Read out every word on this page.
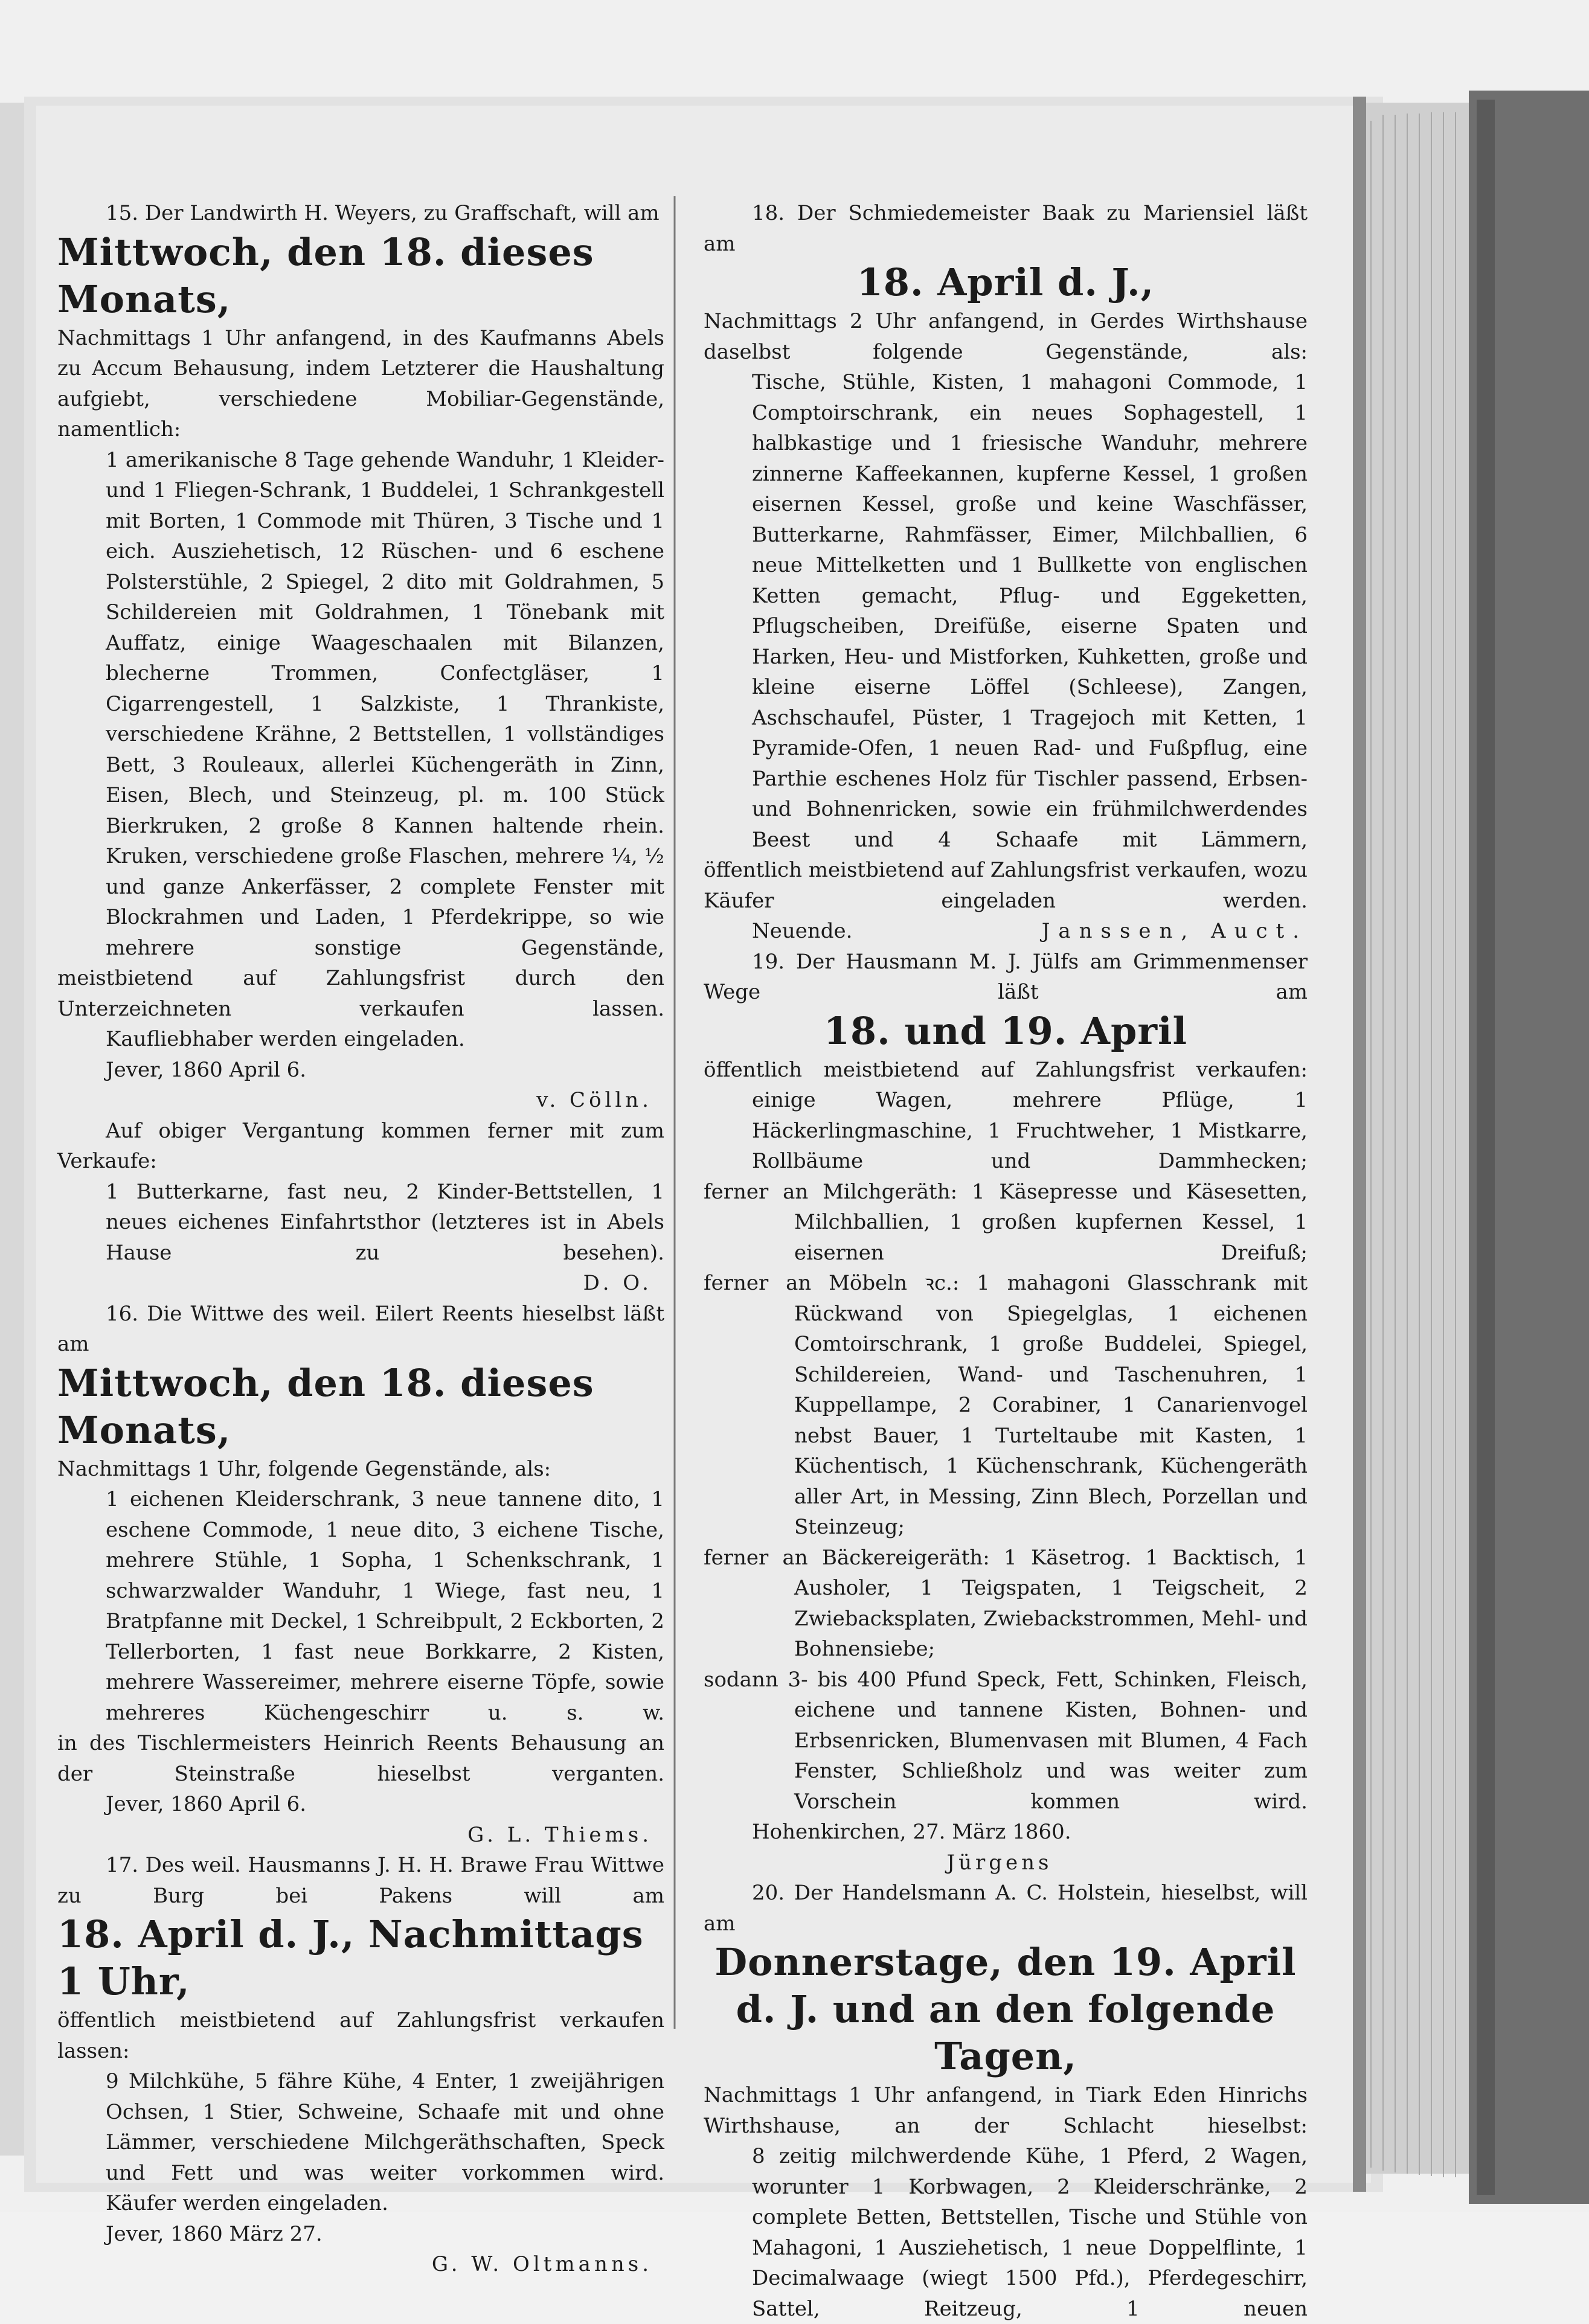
15. Der Landwirth H. Weyers, zu Graffschaft, will am

Mittwoch, den 18. dieses Monats,

Nachmittags 1 Uhr anfangend, in des Kaufmanns Abels zu Accum Behausung, indem Letzterer die Haushaltung aufgiebt, verschiedene Mobiliar-Gegenstände, namentlich:

1 amerikanische 8 Tage gehende Wanduhr, 1 Kleider- und 1 Fliegen-Schrank, 1 Buddelei, 1 Schrankgestell mit Borten, 1 Commode mit Thüren, 3 Tische und 1 eich. Ausziehetisch, 12 Rüschen- und 6 eschene Polsterstühle, 2 Spiegel, 2 dito mit Goldrahmen, 5 Schildereien mit Goldrahmen, 1 Tönebank mit Auffatz, einige Waageschaalen mit Bilanzen, blecherne Trommen, Confectgläser, 1 Cigarrengestell, 1 Salzkiste, 1 Thrankiste, verschiedene Krähne, 2 Bettstellen, 1 vollständiges Bett, 3 Rouleaux, allerlei Küchengeräth in Zinn, Eisen, Blech, und Steinzeug, pl. m. 100 Stück Bierkruken, 2 große 8 Kannen haltende rhein. Kruken, verschiedene große Flaschen, mehrere ¼, ½ und ganze Ankerfässer, 2 complete Fenster mit Blockrahmen und Laden, 1 Pferdekrippe, so wie mehrere sonstige Gegenstände,

meistbietend auf Zahlungsfrist durch den Unterzeichneten verkaufen lassen.

Kaufliebhaber werden eingeladen.

Jever, 1860 April 6.

v. Cölln.

Auf obiger Vergantung kommen ferner mit zum Verkaufe:

1 Butterkarne, fast neu, 2 Kinder-Bettstellen, 1 neues eichenes Einfahrtsthor (letzteres ist in Abels Hause zu besehen).

D. O.

16. Die Wittwe des weil. Eilert Reents hieselbst läßt am

Mittwoch, den 18. dieses Monats,

Nachmittags 1 Uhr, folgende Gegenstände, als:

1 eichenen Kleiderschrank, 3 neue tannene dito, 1 eschene Commode, 1 neue dito, 3 eichene Tische, mehrere Stühle, 1 Sopha, 1 Schenkschrank, 1 schwarzwalder Wanduhr, 1 Wiege, fast neu, 1 Bratpfanne mit Deckel, 1 Schreibpult, 2 Eckborten, 2 Tellerborten, 1 fast neue Borkkarre, 2 Kisten, mehrere Wassereimer, mehrere eiserne Töpfe, sowie mehreres Küchengeschirr u. s. w.

in des Tischlermeisters Heinrich Reents Behausung an der Steinstraße hieselbst verganten.

Jever, 1860 April 6.

G. L. Thiems.

17. Des weil. Hausmanns J. H. H. Brawe Frau Wittwe zu Burg bei Pakens will am

18. April d. J., Nachmittags 1 Uhr,

öffentlich meistbietend auf Zahlungsfrist verkaufen lassen:

9 Milchkühe, 5 fähre Kühe, 4 Enter, 1 zweijährigen Ochsen, 1 Stier, Schweine, Schaafe mit und ohne Lämmer, verschiedene Milchgeräthschaften, Speck und Fett und was weiter vorkommen wird.

Käufer werden eingeladen.

Jever, 1860 März 27.

G. W. Oltmanns.

18. Der Schmiedemeister Baak zu Mariensiel läßt am

18. April d. J.,

Nachmittags 2 Uhr anfangend, in Gerdes Wirthshause daselbst folgende Gegenstände, als:

Tische, Stühle, Kisten, 1 mahagoni Commode, 1 Comptoirschrank, ein neues Sophagestell, 1 halbkastige und 1 friesische Wanduhr, mehrere zinnerne Kaffeekannen, kupferne Kessel, 1 großen eisernen Kessel, große und keine Waschfässer, Butterkarne, Rahmfässer, Eimer, Milchballien, 6 neue Mittelketten und 1 Bullkette von englischen Ketten gemacht, Pflug- und Eggeketten, Pflugscheiben, Dreifüße, eiserne Spaten und Harken, Heu- und Mistforken, Kuhketten, große und kleine eiserne Löffel (Schleese), Zangen, Aschschaufel, Püster, 1 Tragejoch mit Ketten, 1 Pyramide-Ofen, 1 neuen Rad- und Fußpflug, eine Parthie eschenes Holz für Tischler passend, Erbsen- und Bohnenricken, sowie ein frühmilchwerdendes Beest und 4 Schaafe mit Lämmern,

öffentlich meistbietend auf Zahlungsfrist verkaufen, wozu Käufer eingeladen werden.

Neuende.	Janssen, Auct.

19. Der Hausmann M. J. Jülfs am Grimmenmenser Wege läßt am

18. und 19. April

öffentlich meistbietend auf Zahlungsfrist verkaufen:

einige Wagen, mehrere Pflüge, 1 Häckerlingmaschine, 1 Fruchtweher, 1 Mistkarre, Rollbäume und Dammhecken;

ferner an Milchgeräth: 1 Käsepresse und Käsesetten, Milchballien, 1 großen kupfernen Kessel, 1 eisernen Dreifuß;

ferner an Möbeln ꝛc.: 1 mahagoni Glasschrank mit Rückwand von Spiegelglas, 1 eichenen Comtoirschrank, 1 große Buddelei, Spiegel, Schildereien, Wand- und Taschenuhren, 1 Kuppellampe, 2 Corabiner, 1 Canarienvogel nebst Bauer, 1 Turteltaube mit Kasten, 1 Küchentisch, 1 Küchenschrank, Küchengeräth aller Art, in Messing, Zinn Blech, Porzellan und Steinzeug;

ferner an Bäckereigeräth: 1 Käsetrog. 1 Backtisch, 1 Ausholer, 1 Teigspaten, 1 Teigscheit, 2 Zwiebacksplaten, Zwiebackstrommen, Mehl- und Bohnensiebe;

sodann 3- bis 400 Pfund Speck, Fett, Schinken, Fleisch, eichene und tannene Kisten, Bohnen- und Erbsenricken, Blumenvasen mit Blumen, 4 Fach Fenster, Schließholz und was weiter zum Vorschein kommen wird.

Hohenkirchen, 27. März 1860.

Jürgens

20. Der Handelsmann A. C. Holstein, hieselbst, will am

Donnerstage, den 19. April d. J. und an den folgende Tagen,

Nachmittags 1 Uhr anfangend, in Tiark Eden Hinrichs Wirthshause, an der Schlacht hieselbst:

8 zeitig milchwerdende Kühe, 1 Pferd, 2 Wagen, worunter 1 Korbwagen, 2 Kleiderschränke, 2 complete Betten, Bettstellen, Tische und Stühle von Mahagoni, 1 Ausziehetisch, 1 neue Doppelflinte, 1 Decimalwaage (wiegt 1500 Pfd.), Pferdegeschirr, Sattel, Reitzeug, 1 neuen
